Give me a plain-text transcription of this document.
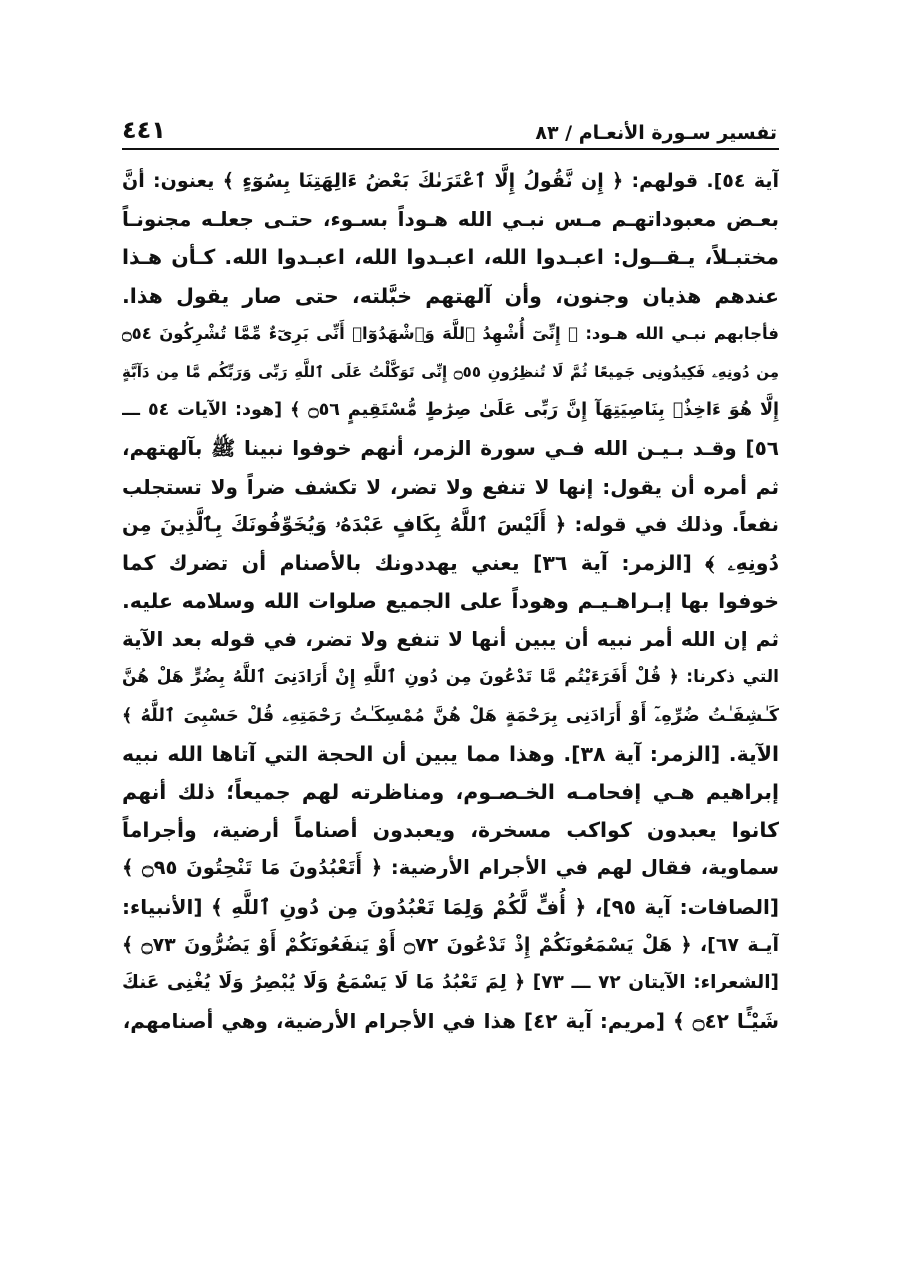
تفسير سـورة الأنعـام / ٨٣
٤٤١
آية ٥٤]. قولهم: ﴿ إِن نَّقُولُ إِلَّا ٱعْتَرَىٰكَ بَعْضُ ءَالِهَتِنَا بِسُوٓءٍ ﴾ يعنون: أنَّ
بعـض معبوداتهـم مـس نبـي الله هـوداً بسـوء، حتـى جعلـه مجنونـاً
مختبـلاً، يـقــول: اعبـدوا الله، اعبـدوا الله، اعبـدوا الله. كـأن هـذا
عندهم هذيان وجنون، وأن آلهتهم خبَّلته، حتى صار يقول هذا.
فأجابهم نبـي الله هـود: ﴿ إِنِّىٓ أُشْهِدُ ٱللَّهَ وَٱشْهَدُوٓا۟ أَنِّى بَرِىٓءٌ مِّمَّا تُشْرِكُونَ ۝٥٤
مِن دُونِهِۦ فَكِيدُونِى جَمِيعًا ثُمَّ لَا تُنظِرُونِ ۝٥٥ إِنِّى تَوَكَّلْتُ عَلَى ٱللَّهِ رَبِّى وَرَبِّكُم مَّا مِن دَآبَّةٍ
إِلَّا هُوَ ءَاخِذٌۢ بِنَاصِيَتِهَآ إِنَّ رَبِّى عَلَىٰ صِرَٰطٍ مُّسْتَقِيمٍ ۝٥٦ ﴾ [هود: الآيات ٥٤ ـــ
٥٦] وقـد بـيـن الله فـي سورة الزمر، أنهم خوفوا نبينا ﷺ بآلهتهم،
ثم أمره أن يقول: إنها لا تنفع ولا تضر، لا تكشف ضراً ولا تستجلب
نفعاً. وذلك في قوله: ﴿ أَلَيْسَ ٱللَّهُ بِكَافٍ عَبْدَهُۥ وَيُخَوِّفُونَكَ بِٱلَّذِينَ مِن
دُونِهِۦ ﴾ [الزمر: آية ٣٦] يعني يهددونك بالأصنام أن تضرك كما
خوفوا بها إبـراهـيـم وهوداً على الجميع صلوات الله وسلامه عليه.
ثم إن الله أمر نبيه أن يبين أنها لا تنفع ولا تضر، في قوله بعد الآية
التي ذكرنا: ﴿ قُلْ أَفَرَءَيْتُم مَّا تَدْعُونَ مِن دُونِ ٱللَّهِ إِنْ أَرَادَنِىَ ٱللَّهُ بِضُرٍّ هَلْ هُنَّ
كَـٰشِفَـٰتُ ضُرِّهِۦٓ أَوْ أَرَادَنِى بِرَحْمَةٍ هَلْ هُنَّ مُمْسِكَـٰتُ رَحْمَتِهِۦ قُلْ حَسْبِىَ ٱللَّهُ ﴾
الآية. [الزمر: آية ٣٨]. وهذا مما يبين أن الحجة التي آتاها الله نبيه
إبراهيم هـي إفحامـه الخـصـوم، ومناظرته لهم جميعاً؛ ذلك أنهم
كانوا يعبدون كواكب مسخرة، ويعبدون أصناماً أرضية، وأجراماً
سماوية، فقال لهم في الأجرام الأرضية: ﴿ أَتَعْبُدُونَ مَا تَنْحِتُونَ ۝٩٥ ﴾
[الصافات: آية ٩٥]، ﴿ أُفٍّ لَّكُمْ وَلِمَا تَعْبُدُونَ مِن دُونِ ٱللَّهِ ﴾ [الأنبياء:
آيـة ٦٧]، ﴿ هَلْ يَسْمَعُونَكُمْ إِذْ تَدْعُونَ ۝٧٢ أَوْ يَنفَعُونَكُمْ أَوْ يَضُرُّونَ ۝٧٣ ﴾
[الشعراء: الآيتان ٧٢ ـــ ٧٣] ﴿ لِمَ تَعْبُدُ مَا لَا يَسْمَعُ وَلَا يُبْصِرُ وَلَا يُغْنِى عَنكَ
شَيْـًٔا ۝٤٢ ﴾ [مريم: آية ٤٢] هذا في الأجرام الأرضية، وهي أصنامهم،
